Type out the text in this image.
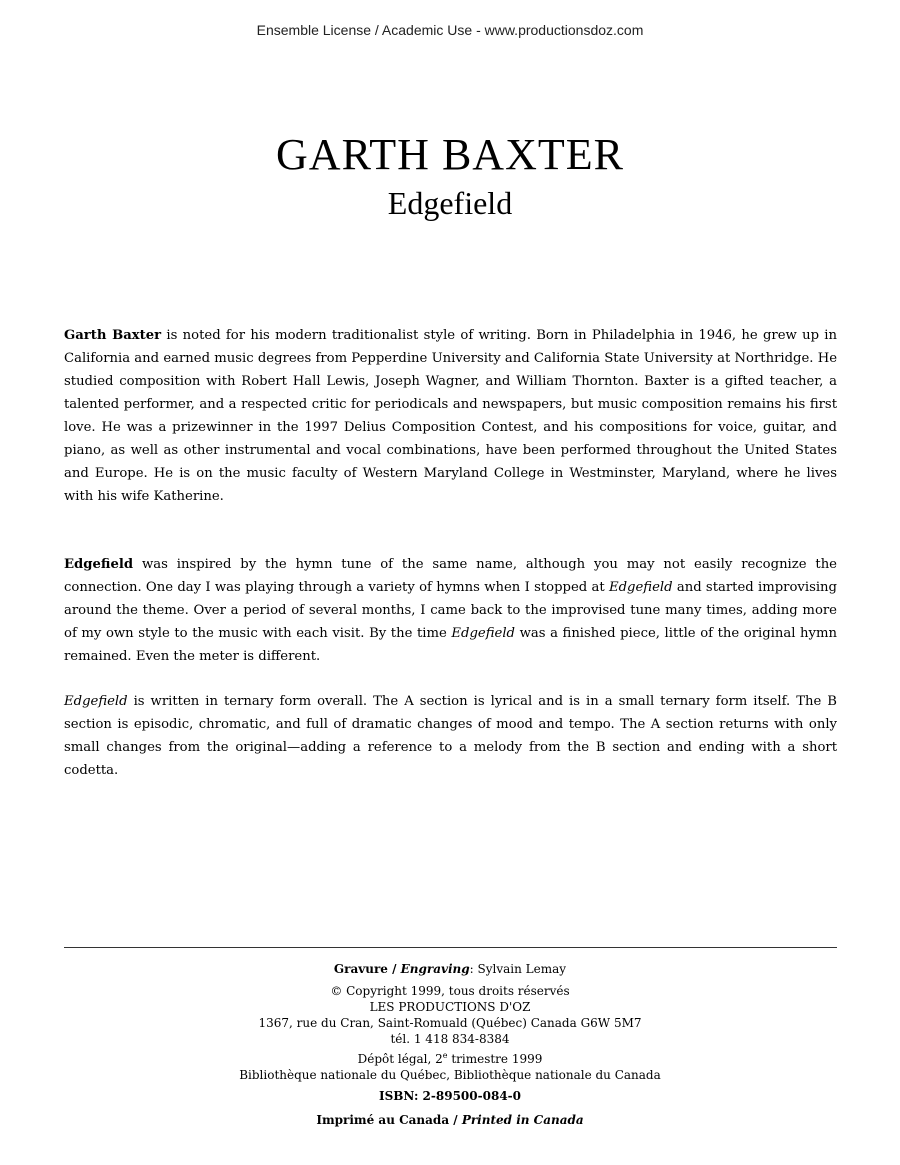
Ensemble License / Academic Use - www.productionsdoz.com
GARTH BAXTER
Edgefield

Garth Baxter is noted for his modern traditionalist style of writing. Born in Philadelphia in 1946, he grew up in California and earned music degrees from Pepperdine University and California State University at Northridge. He studied composition with Robert Hall Lewis, Joseph Wagner, and William Thornton. Baxter is a gifted teacher, a talented performer, and a respected critic for periodicals and newspapers, but music composition remains his first love. He was a prizewinner in the 1997 Delius Composition Contest, and his compositions for voice, guitar, and piano, as well as other instrumental and vocal combinations, have been performed throughout the United States and Europe. He is on the music faculty of Western Maryland College in Westminster, Maryland, where he lives with his wife Katherine.

Edgefield was inspired by the hymn tune of the same name, although you may not easily recognize the connection. One day I was playing through a variety of hymns when I stopped at Edgefield and started improvising around the theme. Over a period of several months, I came back to the improvised tune many times, adding more of my own style to the music with each visit. By the time Edgefield was a finished piece, little of the original hymn remained. Even the meter is different.

Edgefield is written in ternary form overall. The A section is lyrical and is in a small ternary form itself. The B section is episodic, chromatic, and full of dramatic changes of mood and tempo. The A section returns with only small changes from the original—adding a reference to a melody from the B section and ending with a short codetta.

Gravure / Engraving: Sylvain Lemay

© Copyright 1999, tous droits réservés

LES PRODUCTIONS D'OZ

1367, rue du Cran, Saint-Romuald (Québec) Canada G6W 5M7

tél. 1 418 834-8384

Dépôt légal, 2e trimestre 1999

Bibliothèque nationale du Québec, Bibliothèque nationale du Canada

ISBN: 2-89500-084-0
Imprimé au Canada / Printed in Canada
